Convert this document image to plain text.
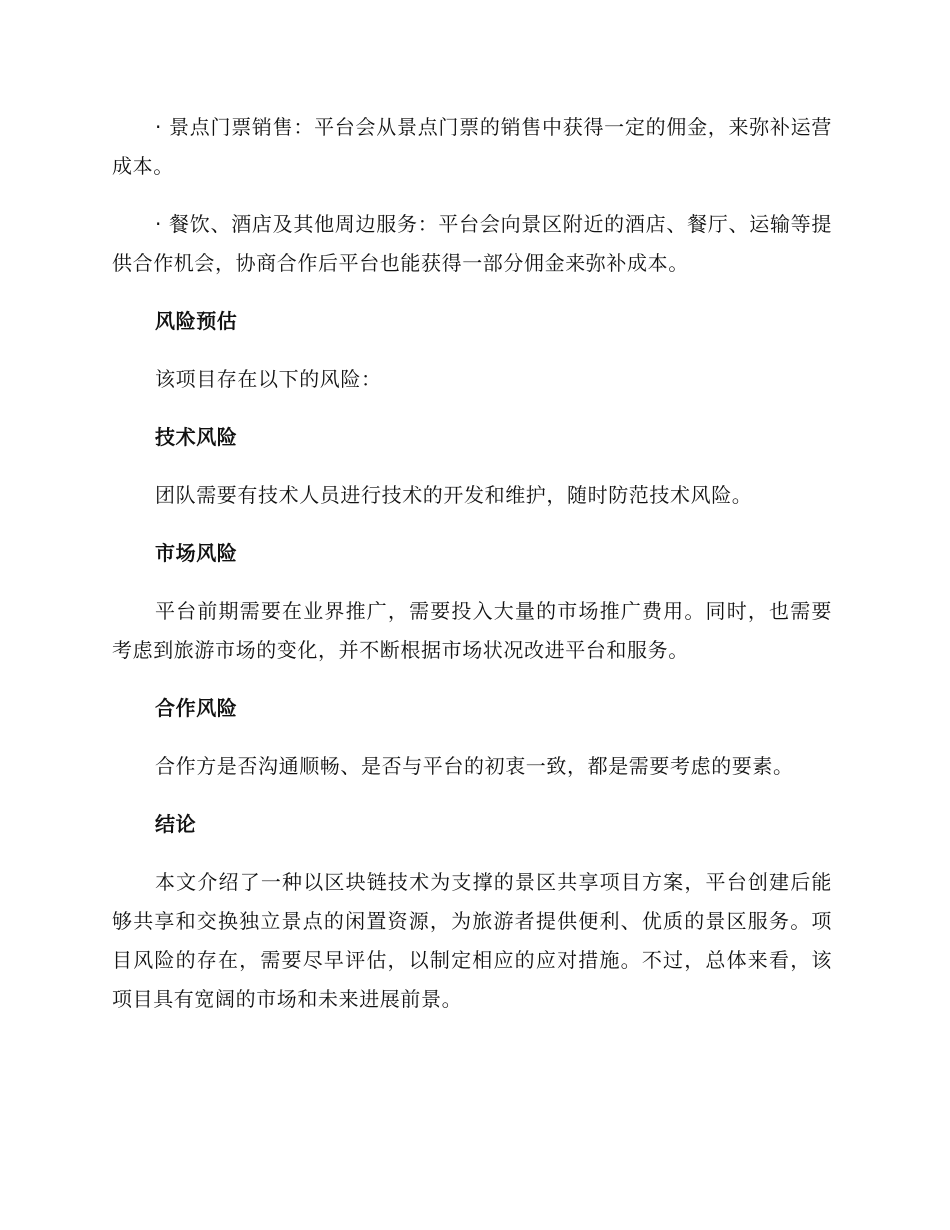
· 景点门票销售：平台会从景点门票的销售中获得一定的佣金，来弥补运营成本。

· 餐饮、酒店及其他周边服务：平台会向景区附近的酒店、餐厅、运输等提供合作机会，协商合作后平台也能获得一部分佣金来弥补成本。

风险预估

该项目存在以下的风险：

技术风险

团队需要有技术人员进行技术的开发和维护，随时防范技术风险。

市场风险

平台前期需要在业界推广，需要投入大量的市场推广费用。同时，也需要考虑到旅游市场的变化，并不断根据市场状况改进平台和服务。

合作风险

合作方是否沟通顺畅、是否与平台的初衷一致，都是需要考虑的要素。

结论

本文介绍了一种以区块链技术为支撑的景区共享项目方案，平台创建后能够共享和交换独立景点的闲置资源，为旅游者提供便利、优质的景区服务。项目风险的存在，需要尽早评估，以制定相应的应对措施。不过，总体来看，该项目具有宽阔的市场和未来进展前景。
